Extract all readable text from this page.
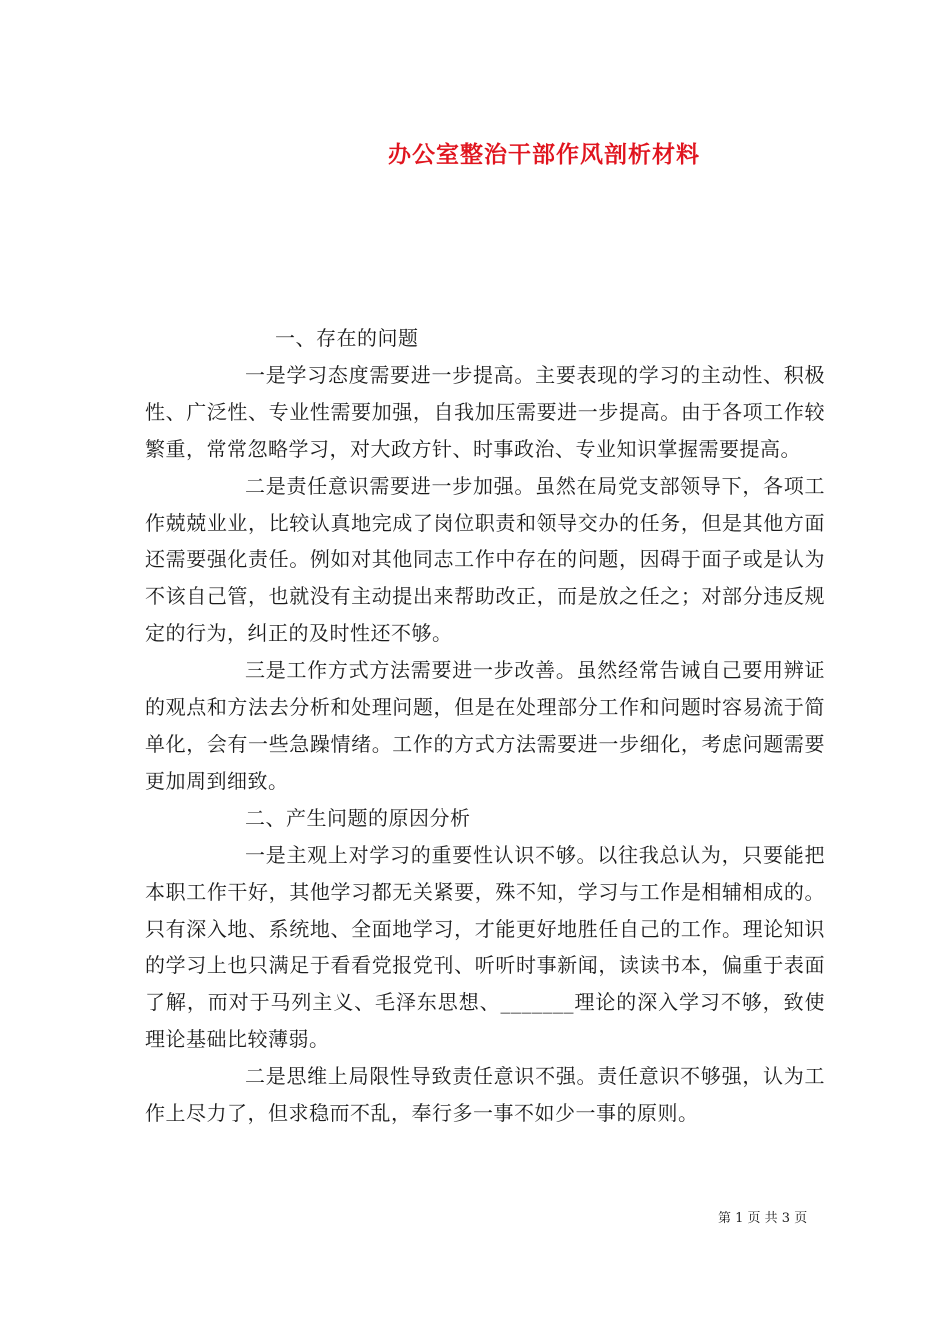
办公室整治干部作风剖析材料

一、存在的问题

一是学习态度需要进一步提高。主要表现的学习的主动性、积极性、广泛性、专业性需要加强，自我加压需要进一步提高。由于各项工作较繁重，常常忽略学习，对大政方针、时事政治、专业知识掌握需要提高。

二是责任意识需要进一步加强。虽然在局党支部领导下，各项工作兢兢业业，比较认真地完成了岗位职责和领导交办的任务，但是其他方面还需要强化责任。例如对其他同志工作中存在的问题，因碍于面子或是认为不该自己管，也就没有主动提出来帮助改正，而是放之任之；对部分违反规定的行为，纠正的及时性还不够。

三是工作方式方法需要进一步改善。虽然经常告诫自己要用辨证的观点和方法去分析和处理问题，但是在处理部分工作和问题时容易流于简单化，会有一些急躁情绪。工作的方式方法需要进一步细化，考虑问题需要更加周到细致。

二、产生问题的原因分析

一是主观上对学习的重要性认识不够。以往我总认为，只要能把本职工作干好，其他学习都无关紧要，殊不知，学习与工作是相辅相成的。只有深入地、系统地、全面地学习，才能更好地胜任自己的工作。理论知识的学习上也只满足于看看党报党刊、听听时事新闻，读读书本，偏重于表面了解，而对于马列主义、毛泽东思想、_______理论的深入学习不够，致使理论基础比较薄弱。

二是思维上局限性导致责任意识不强。责任意识不够强，认为工作上尽力了，但求稳而不乱，奉行多一事不如少一事的原则。

第 1 页 共 3 页
